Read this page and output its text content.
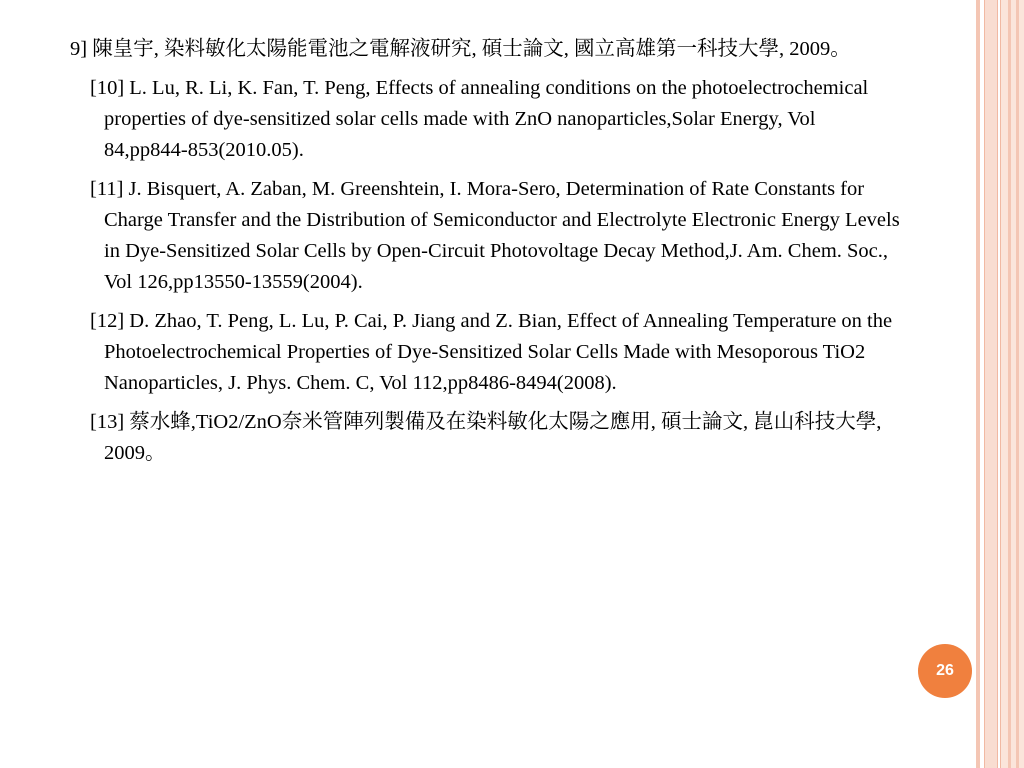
9] 陳皇宇, 染料敏化太陽能電池之電解液研究, 碩士論文, 國立高雄第一科技大學, 2009。

[10] L. Lu, R. Li, K. Fan, T. Peng, Effects of annealing conditions on the photoelectrochemical properties of dye-sensitized solar cells made with ZnO nanoparticles,Solar Energy, Vol 84,pp844-853(2010.05).

[11] J. Bisquert, A. Zaban, M. Greenshtein, I. Mora-Sero, Determination of Rate Constants for Charge Transfer and the Distribution of Semiconductor and Electrolyte Electronic Energy Levels in Dye-Sensitized Solar Cells by Open-Circuit Photovoltage Decay Method,J. Am. Chem. Soc., Vol 126,pp13550-13559(2004).

[12] D. Zhao, T. Peng, L. Lu, P. Cai, P. Jiang and Z. Bian, Effect of Annealing Temperature on the Photoelectrochemical Properties of Dye-Sensitized Solar Cells Made with Mesoporous TiO2 Nanoparticles, J. Phys. Chem. C, Vol 112,pp8486-8494(2008).

[13] 蔡水蜂,TiO2/ZnO奈米管陣列製備及在染料敏化太陽之應用, 碩士論文, 崑山科技大學, 2009。

26
